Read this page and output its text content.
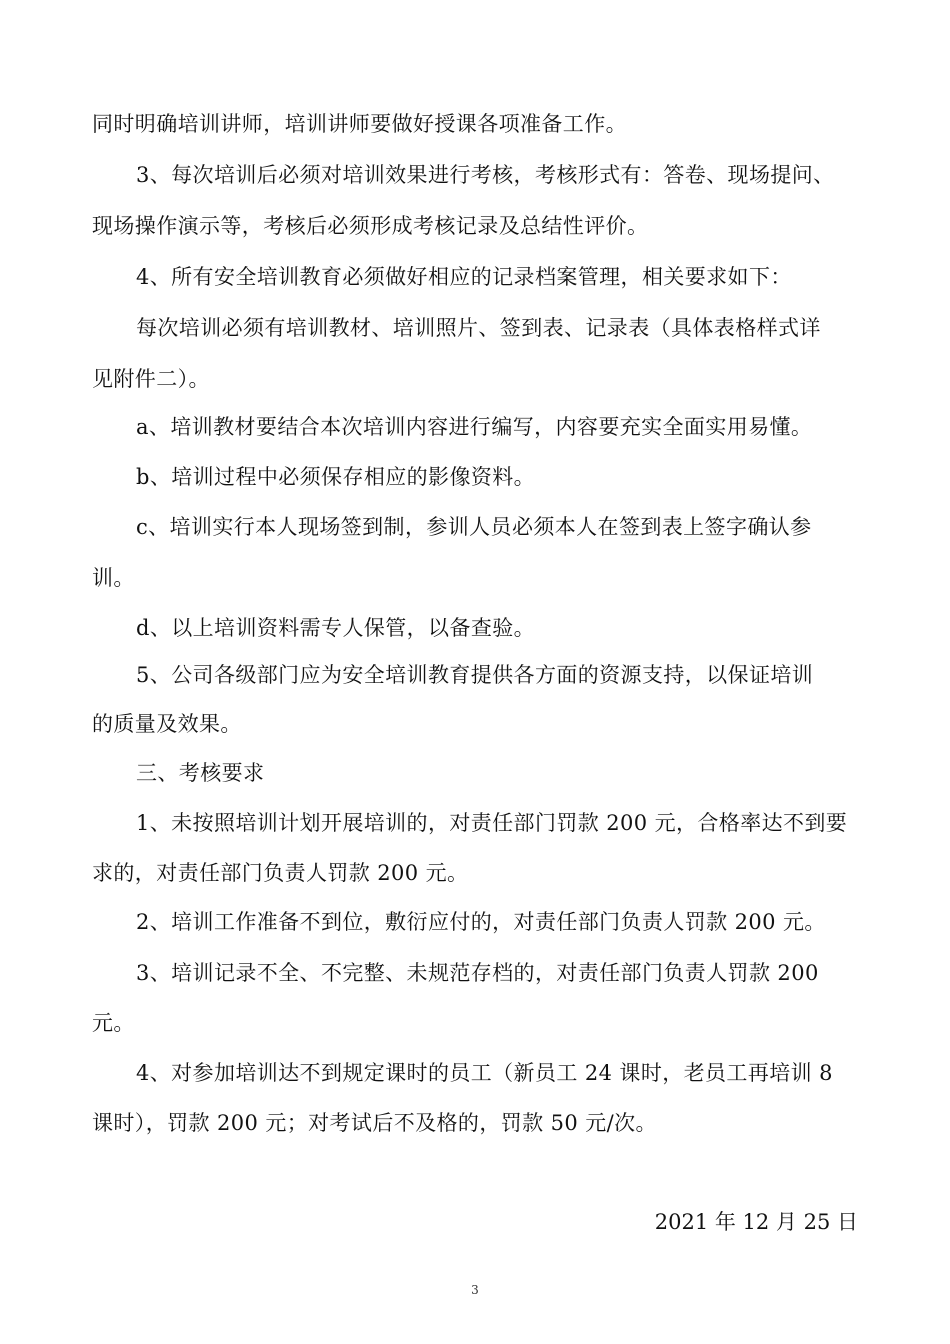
同时明确培训讲师，培训讲师要做好授课各项准备工作。
3、每次培训后必须对培训效果进行考核，考核形式有：答卷、现场提问、
现场操作演示等，考核后必须形成考核记录及总结性评价。
4、所有安全培训教育必须做好相应的记录档案管理，相关要求如下：
每次培训必须有培训教材、培训照片、签到表、记录表（具体表格样式详
见附件二）。
a、培训教材要结合本次培训内容进行编写，内容要充实全面实用易懂。
b、培训过程中必须保存相应的影像资料。
c、培训实行本人现场签到制，参训人员必须本人在签到表上签字确认参
训。
d、以上培训资料需专人保管，以备查验。
5、公司各级部门应为安全培训教育提供各方面的资源支持，以保证培训
的质量及效果。
三、考核要求
1、未按照培训计划开展培训的，对责任部门罚款 200 元，合格率达不到要
求的，对责任部门负责人罚款 200 元。
2、培训工作准备不到位，敷衍应付的，对责任部门负责人罚款 200 元。
3、培训记录不全、不完整、未规范存档的，对责任部门负责人罚款 200
元。
4、对参加培训达不到规定课时的员工（新员工 24 课时，老员工再培训 8
课时），罚款 200 元；对考试后不及格的，罚款 50 元/次。
2021 年 12 月 25 日
3
